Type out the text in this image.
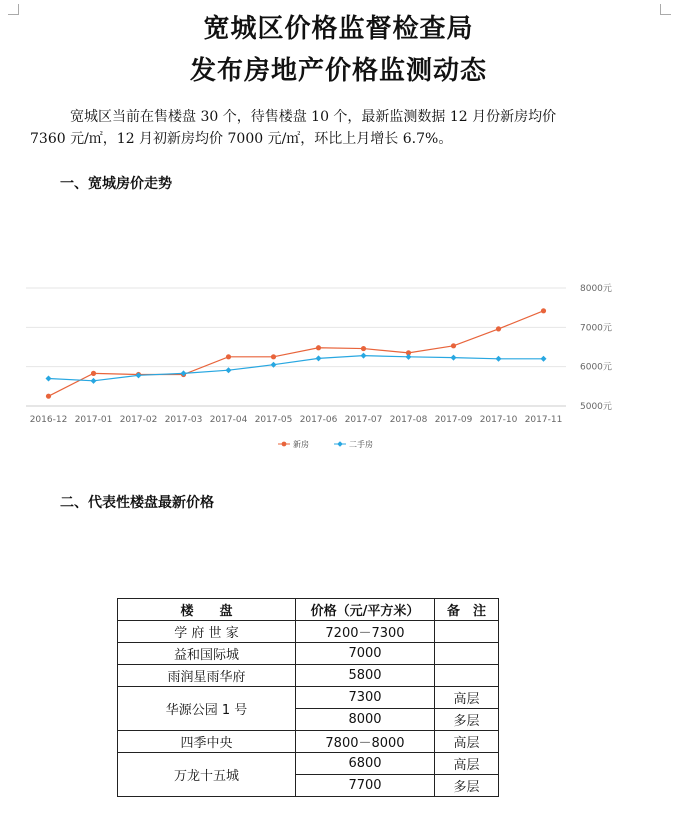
宽城区价格监督检查局
发布房地产价格监测动态
宽城区当前在售楼盘 30 个，待售楼盘 10 个，最新监测数据 12 月份新房均价 7360 元/㎡，12 月初新房均价 7000 元/㎡，环比上月增长 6.7%。
一、宽城房价走势
5000元
6000元
7000元
8000元
2016-12 2017-01 2017-02 2017-03 2017-04 2017-05 2017-06 2017-07 2017-08 2017-09 2017-10 2017-11
新房	二手房
二、代表性楼盘最新价格
楼　　盘	价格（元/平方米）	备　注
学 府 世 家	7200－7300	
益和国际城	7000	
雨润星雨华府	5800	
华源公园 1 号	7300	高层
	8000	多层
四季中央	7800－8000	高层
万龙十五城	6800	高层
	7700	多层
